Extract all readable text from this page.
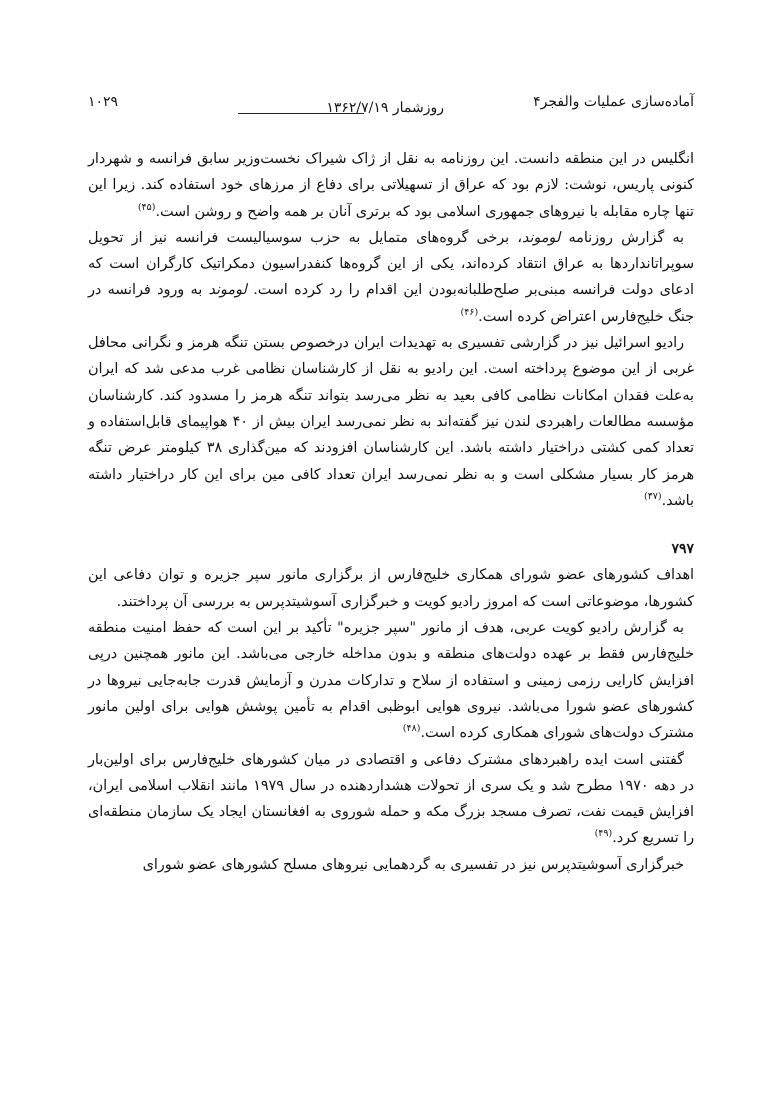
آماده‌سازی عملیات والفجر۴
روزشمار ۱۳۶۲/۷/۱۹
۱۰۲۹

انگلیس در این منطقه دانست. این روزنامه به نقل از ژاک شیراک نخست‌وزیر سابق فرانسه و شهردار کنونی پاریس، نوشت: لازم بود که عراق از تسهیلاتی برای دفاع از مرزهای خود استفاده کند. زیرا این تنها چاره مقابله با نیروهای جمهوری اسلامی بود که برتری آنان بر همه واضح و روشن است.$^{(۴۵)}$

به گزارش روزنامه لوموند، برخی گروه‌های متمایل به حزب سوسیالیست فرانسه نیز از تحویل سوپراتانداردها به عراق انتقاد کرده‌اند، یکی از این گروه‌ها کنفدراسیون دمکراتیک کارگران است که ادعای دولت فرانسه مبنی‌بر صلح‌طلبانه‌بودن این اقدام را رد کرده است. لوموند به ورود فرانسه در جنگ خلیج‌فارس اعتراض کرده است.$^{(۴۶)}$

رادیو اسرائیل نیز در گزارشی تفسیری به تهدیدات ایران درخصوص بستن تنگه هرمز و نگرانی محافل غربی از این موضوع پرداخته است. این رادیو به نقل از کارشناسان نظامی غرب مدعی شد که ایران به‌علت فقدان امکانات نظامی کافی بعید به نظر می‌رسد بتواند تنگه هرمز را مسدود کند. کارشناسان مؤسسه مطالعات راهبردی لندن نیز گفته‌اند به نظر نمی‌رسد ایران بیش از ۴۰ هواپیمای قابل‌استفاده و تعداد کمی کشتی دراختیار داشته باشد. این کارشناسان افزودند که مین‌گذاری ۳۸ کیلومتر عرض تنگه هرمز کار بسیار مشکلی است و به نظر نمی‌رسد ایران تعداد کافی مین برای این کار دراختیار داشته باشد.$^{(۴۷)}$

۷۹۷

اهداف کشورهای عضو شورای همکاری خلیج‌فارس از برگزاری مانور سپر جزیره و توان دفاعی این کشورها، موضوعاتی است که امروز رادیو کویت و خبرگزاری آسوشیتدپرس به بررسی آن پرداختند.

به گزارش رادیو کویت عربی، هدف از مانور "سپر جزیره" تأکید بر این است که حفظ امنیت منطقه خلیج‌فارس فقط بر عهده دولت‌های منطقه و بدون مداخله خارجی می‌باشد. این مانور همچنین درپی افزایش کارایی رزمی زمینی و استفاده از سلاح و تدارکات مدرن و آزمایش قدرت جابه‌جایی نیروها در کشورهای عضو شورا می‌باشد. نیروی هوایی ابوظبی اقدام به تأمین پوشش هوایی برای اولین مانور مشترک دولت‌های شورای همکاری کرده است.$^{(۴۸)}$

گفتنی است ایده راهبردهای مشترک دفاعی و اقتصادی در میان کشورهای خلیج‌فارس برای اولین‌بار در دهه ۱۹۷۰ مطرح شد و یک سری از تحولات هشداردهنده در سال ۱۹۷۹ مانند انقلاب اسلامی ایران، افزایش قیمت نفت، تصرف مسجد بزرگ مکه و حمله شوروی به افغانستان ایجاد یک سازمان منطقه‌ای را تسریع کرد.$^{(۴۹)}$

خبرگزاری آسوشیتدپرس نیز در تفسیری به گردهمایی نیروهای مسلح کشورهای عضو شورای
